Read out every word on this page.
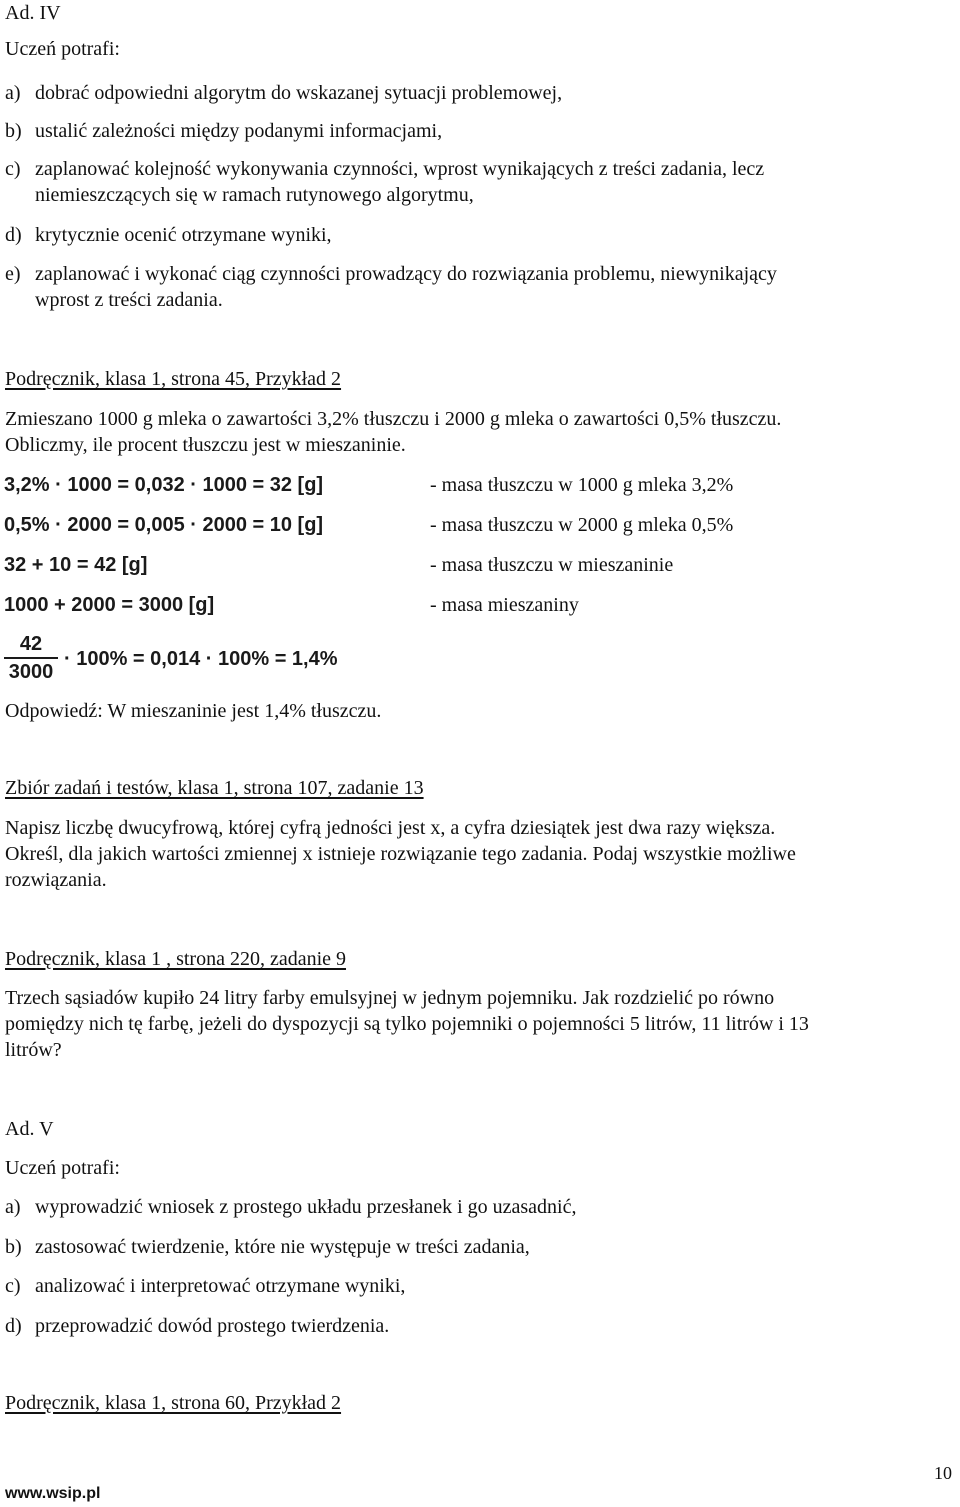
Ad. IV
Uczeń potrafi:
a) dobrać odpowiedni algorytm do wskazanej sytuacji problemowej,
b) ustalić zależności między podanymi informacjami,
c) zaplanować kolejność wykonywania czynności, wprost wynikających z treści zadania, lecz
niemieszczących się w ramach rutynowego algorytmu,
d) krytycznie ocenić otrzymane wyniki,
e) zaplanować i wykonać ciąg czynności prowadzący do rozwiązania problemu, niewynikający
wprost z treści zadania.
Podręcznik, klasa 1, strona 45, Przykład 2
Zmieszano 1000 g mleka o zawartości 3,2% tłuszczu i 2000 g mleka o zawartości 0,5% tłuszczu.
Obliczmy, ile procent tłuszczu jest w mieszaninie.
3,2% · 1000 = 0,032 · 1000 = 32 [g]	- masa tłuszczu w 1000 g mleka 3,2%
0,5% · 2000 = 0,005 · 2000 = 10 [g]	- masa tłuszczu w 2000 g mleka 0,5%
32 + 10 = 42 [g]	- masa tłuszczu w mieszaninie
1000 + 2000 = 3000 [g]	- masa mieszaniny
42
3000
· 100% = 0,014 · 100% = 1,4%
Odpowiedź: W mieszaninie jest 1,4% tłuszczu.
Zbiór zadań i testów, klasa 1, strona 107, zadanie 13
Napisz liczbę dwucyfrową, której cyfrą jedności jest x, a cyfra dziesiątek jest dwa razy większa.
Określ, dla jakich wartości zmiennej x istnieje rozwiązanie tego zadania. Podaj wszystkie możliwe
rozwiązania.
Podręcznik, klasa 1 , strona 220, zadanie 9
Trzech sąsiadów kupiło 24 litry farby emulsyjnej w jednym pojemniku. Jak rozdzielić po równo
pomiędzy nich tę farbę, jeżeli do dyspozycji są tylko pojemniki o pojemności 5 litrów, 11 litrów i 13
litrów?
Ad. V
Uczeń potrafi:
a) wyprowadzić wniosek z prostego układu przesłanek i go uzasadnić,
b) zastosować twierdzenie, które nie występuje w treści zadania,
c) analizować i interpretować otrzymane wyniki,
d) przeprowadzić dowód prostego twierdzenia.
Podręcznik, klasa 1, strona 60, Przykład 2
www.wsip.pl
10
